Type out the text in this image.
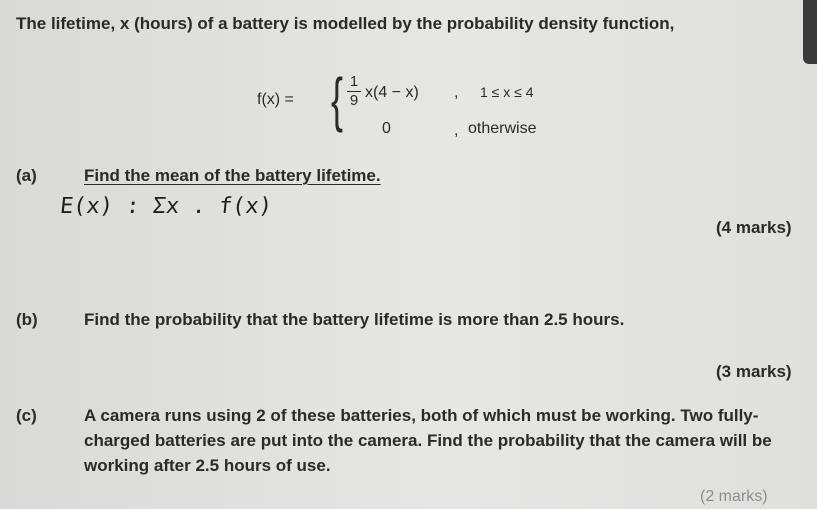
The lifetime, x (hours) of a battery is modelled by the probability density function,
f(x) = { 1
9 x(4 − x) , 1 ≤ x ≤ 4
0	, otherwise
(a)	Find the mean of the battery lifetime.
E(x) : Σx . f(x)
(4 marks)
(b)	Find the probability that the battery lifetime is more than 2.5 hours.
(3 marks)
(c)	A camera runs using 2 of these batteries, both of which must be working. Two fully-
charged batteries are put into the camera. Find the probability that the camera will be
working after 2.5 hours of use.
(2 marks)
